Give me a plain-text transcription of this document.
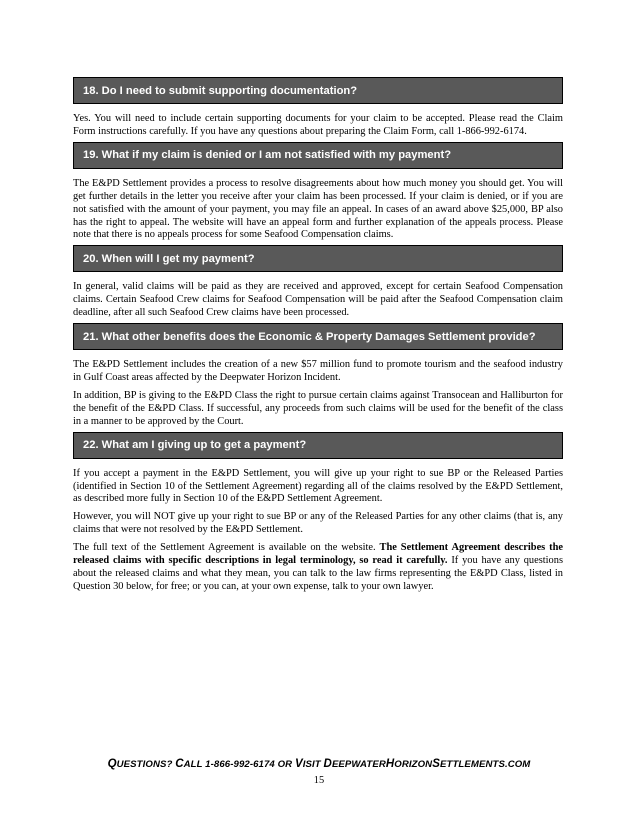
18. Do I need to submit supporting documentation?

Yes. You will need to include certain supporting documents for your claim to be accepted. Please read the Claim Form instructions carefully. If you have any questions about preparing the Claim Form, call 1-866-992-6174.

19. What if my claim is denied or I am not satisfied with my payment?

The E&PD Settlement provides a process to resolve disagreements about how much money you should get. You will get further details in the letter you receive after your claim has been processed. If your claim is denied, or if you are not satisfied with the amount of your payment, you may file an appeal. In cases of an award above $25,000, BP also has the right to appeal. The website will have an appeal form and further explanation of the appeals process. Please note that there is no appeals process for some Seafood Compensation claims.

20. When will I get my payment?

In general, valid claims will be paid as they are received and approved, except for certain Seafood Compensation claims. Certain Seafood Crew claims for Seafood Compensation will be paid after the Seafood Compensation claim deadline, after all such Seafood Crew claims have been processed.

21. What other benefits does the Economic & Property Damages Settlement provide?

The E&PD Settlement includes the creation of a new $57 million fund to promote tourism and the seafood industry in Gulf Coast areas affected by the Deepwater Horizon Incident.

In addition, BP is giving to the E&PD Class the right to pursue certain claims against Transocean and Halliburton for the benefit of the E&PD Class. If successful, any proceeds from such claims will be used for the benefit of the class in a manner to be approved by the Court.

22. What am I giving up to get a payment?

If you accept a payment in the E&PD Settlement, you will give up your right to sue BP or the Released Parties (identified in Section 10 of the Settlement Agreement) regarding all of the claims resolved by the E&PD Settlement, as described more fully in Section 10 of the E&PD Settlement Agreement.

However, you will NOT give up your right to sue BP or any of the Released Parties for any other claims (that is, any claims that were not resolved by the E&PD Settlement.

The full text of the Settlement Agreement is available on the website. The Settlement Agreement describes the released claims with specific descriptions in legal terminology, so read it carefully. If you have any questions about the released claims and what they mean, you can talk to the law firms representing the E&PD Class, listed in Question 30 below, for free; or you can, at your own expense, talk to your own lawyer.

QUESTIONS? CALL 1-866-992-6174 OR VISIT DEEPWATERHORIZONSETTLEMENTS.COM
15
